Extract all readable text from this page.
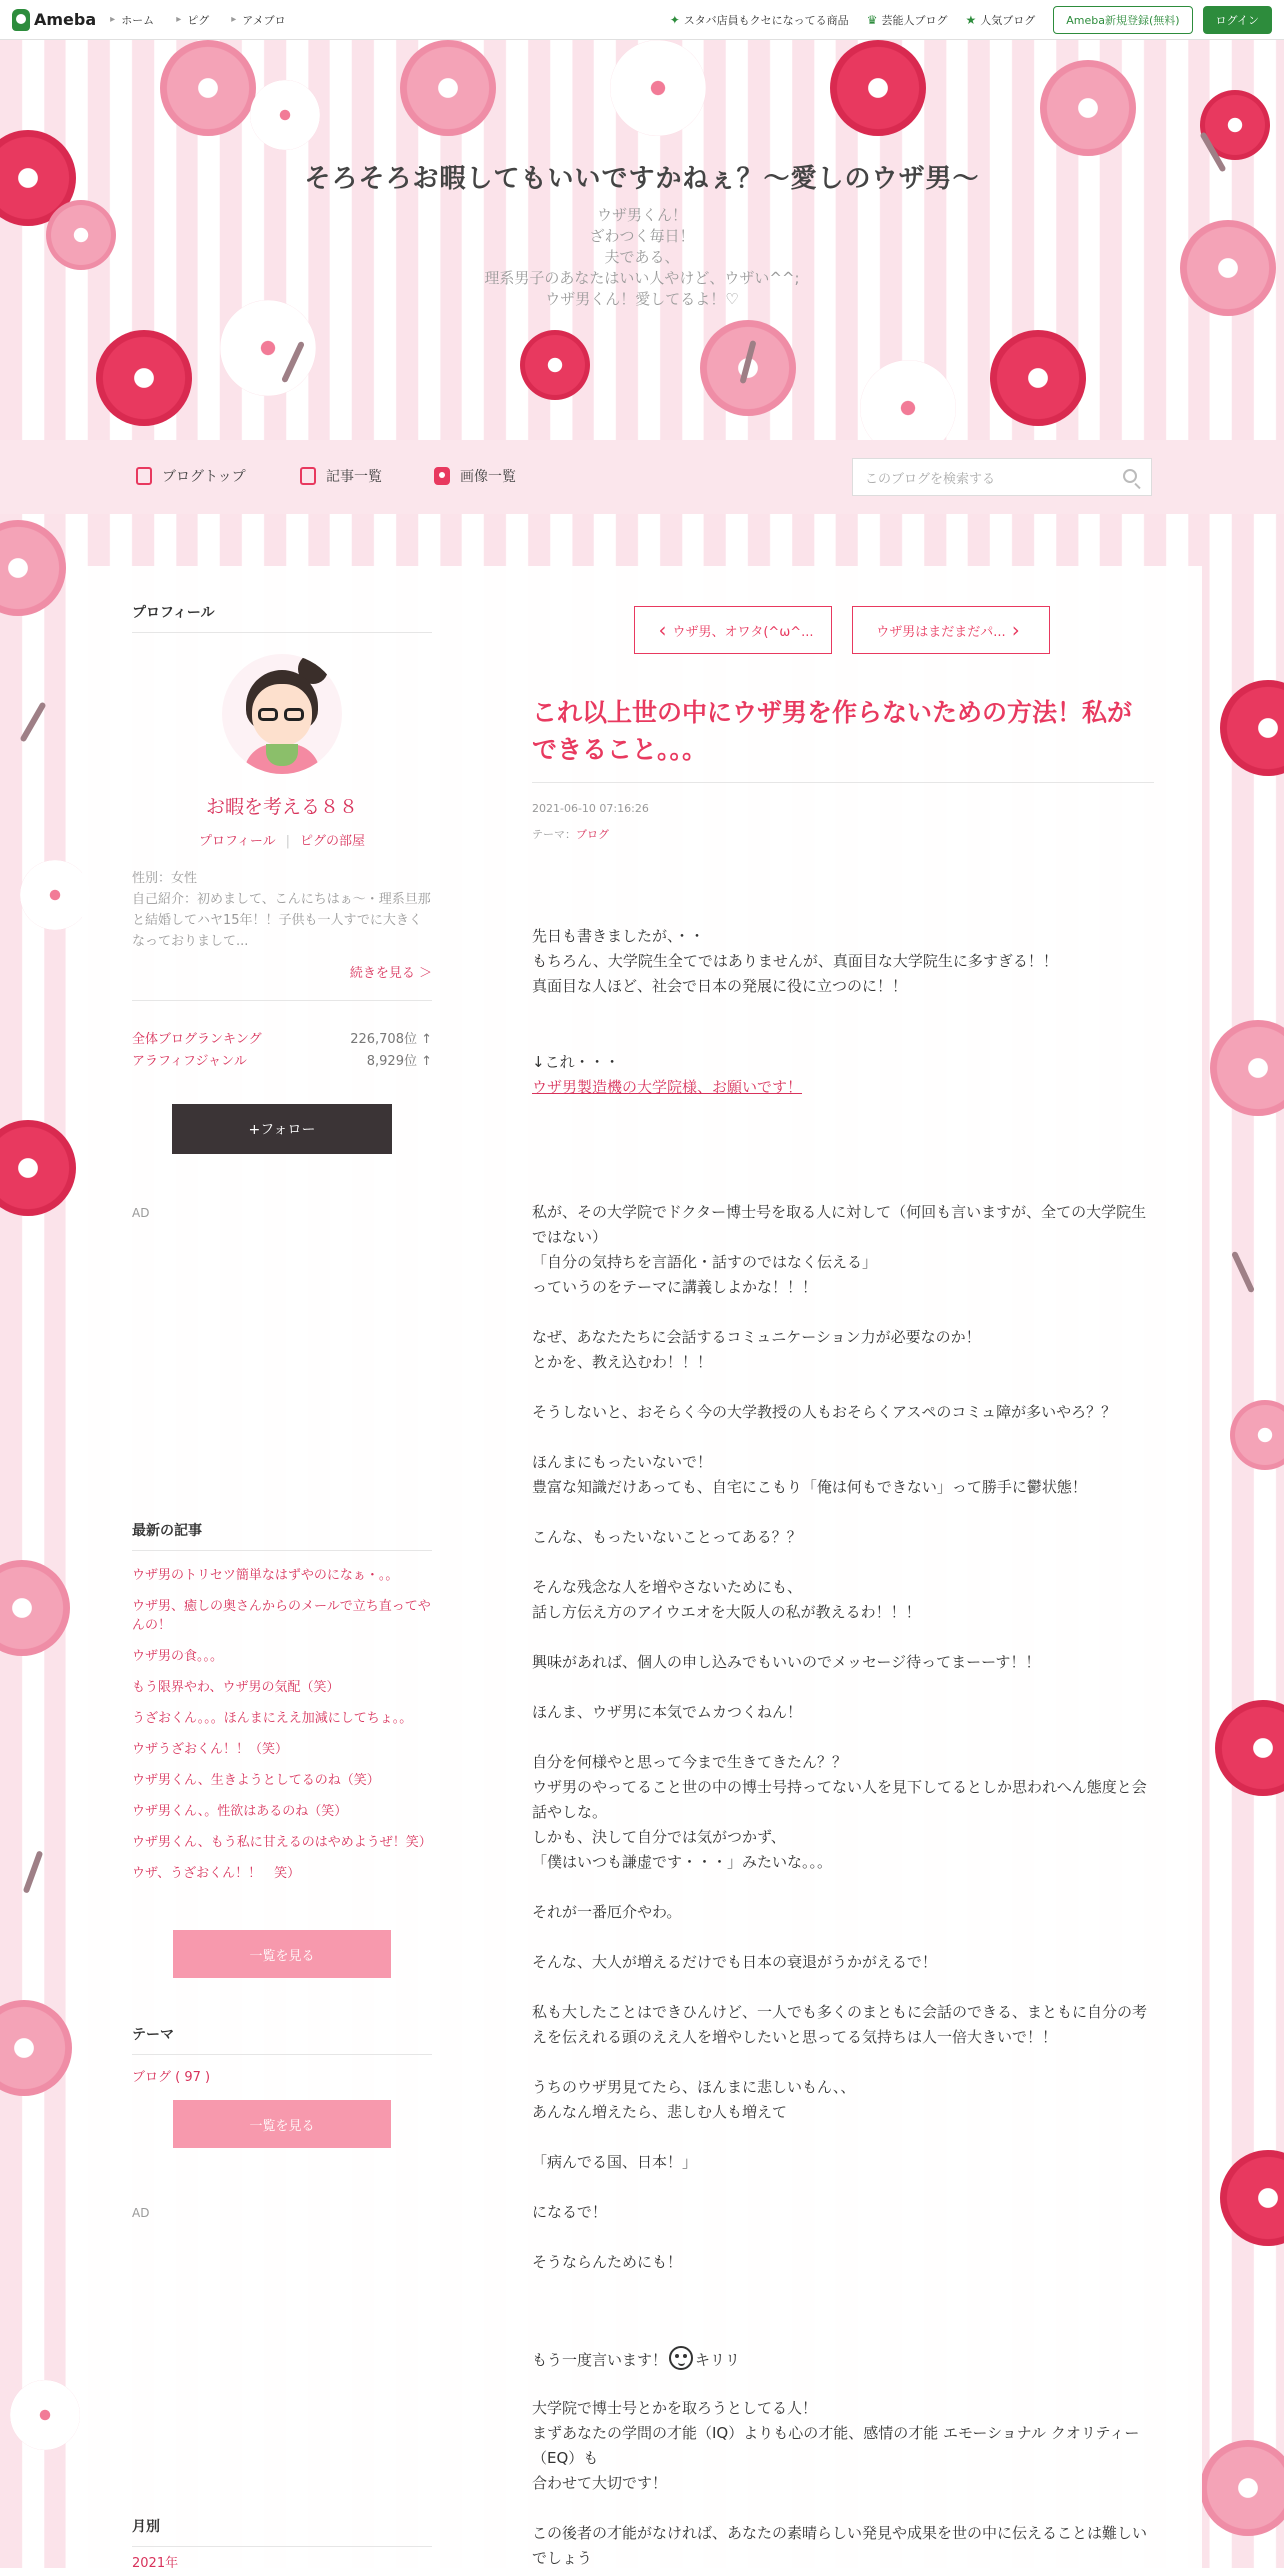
Ameba ▸ ホーム ▸ ピグ ▸ アメブロ	✦ スタバ店員もクセになってる商品 ♛ 芸能人ブログ ★ 人気ブログ	Ameba新規登録(無料)	ログイン
そろそろお暇してもいいですかねぇ？〜愛しのウザ男〜
ウザ男くん！
ざわつく毎日！
夫である、
理系男子のあなたはいい人やけど、ウザい^^;
ウザ男くん！愛してるよ！♡
ブログトップ	記事一覧	画像一覧	このブログを検索する
プロフィール
お暇を考える８８
プロフィール | ピグの部屋
性別：女性
自己紹介：初めまして、こんにちはぁ〜・理系旦那と結婚してハヤ15年！！子供も一人すでに大きくなっておりまして...
続きを見る ＞
全体ブログランキング	226,708位 ↑
アラフィフジャンル	8,929位 ↑
+フォロー
AD
最新の記事
ウザ男のトリセツ簡単なはずやのになぁ・。。
ウザ男、癒しの奥さんからのメールで立ち直ってやんの！
ウザ男の食。。。
もう限界やわ、ウザ男の気配（笑）
うざおくん。。。ほんまにええ加減にしてちょ。。
ウザうざおくん！！（笑）
ウザ男くん、生きようとしてるのね（笑）
ウザ男くん、。性欲はあるのね（笑）
ウザ男くん、もう私に甘えるのはやめようぜ！笑）
ウザ、うざおくん！！　笑）
一覧を見る
テーマ
ブログ ( 97 )
一覧を見る
AD
月別
2021年
‹ ウザ男、オワタ(^ω^...	ウザ男はまだまだパ... ›
これ以上世の中にウザ男を作らないための方法！私ができること。。。
2021-06-10 07:16:26
テーマ：ブログ

先日も書きましたが、・・

もちろん、大学院生全てではありませんが、真面目な大学院生に多すぎる！！

真面目な人ほど、社会で日本の発展に役に立つのに！！

↓これ・・・

ウザ男製造機の大学院様、お願いです！

私が、その大学院でドクター博士号を取る人に対して（何回も言いますが、全ての大学院生ではない）

「自分の気持ちを言語化・話すのではなく伝える」

っていうのをテーマに講義しよかな！！！

なぜ、あなたたちに会話するコミュニケーション力が必要なのか！

とかを、教え込むわ！！！

そうしないと、おそらく今の大学教授の人もおそらくアスペのコミュ障が多いやろ？？

ほんまにもったいないで！

豊富な知識だけあっても、自宅にこもり「俺は何もできない」って勝手に鬱状態！

こんな、もったいないことってある？？

そんな残念な人を増やさないためにも、

話し方伝え方のアイウエオを大阪人の私が教えるわ！！！

興味があれば、個人の申し込みでもいいのでメッセージ待ってまーーす！！

ほんま、ウザ男に本気でムカつくねん！

自分を何様やと思って今まで生きてきたん？？

ウザ男のやってること世の中の博士号持ってない人を見下してるとしか思われへん態度と会話やしな。

しかも、決して自分では気がつかず、

「僕はいつも謙虚です・・・」みたいな。。。

それが一番厄介やわ。

そんな、大人が増えるだけでも日本の衰退がうかがえるで！

私も大したことはできひんけど、一人でも多くのまともに会話のできる、まともに自分の考えを伝えれる頭のええ人を増やしたいと思ってる気持ちは人一倍大きいで！！

うちのウザ男見てたら、ほんまに悲しいもん、、

あんなん増えたら、悲しむ人も増えて

「病んでる国、日本！」

になるで！

そうならんためにも！

もう一度言います！ キリリ

大学院で博士号とかを取ろうとしてる人！

まずあなたの学問の才能（IQ）よりも心の才能、感情の才能 エモーショナル クオリティー（EQ）も

合わせて大切です！

この後者の才能がなければ、あなたの素晴らしい発見や成果を世の中に伝えることは難しいでしょう
